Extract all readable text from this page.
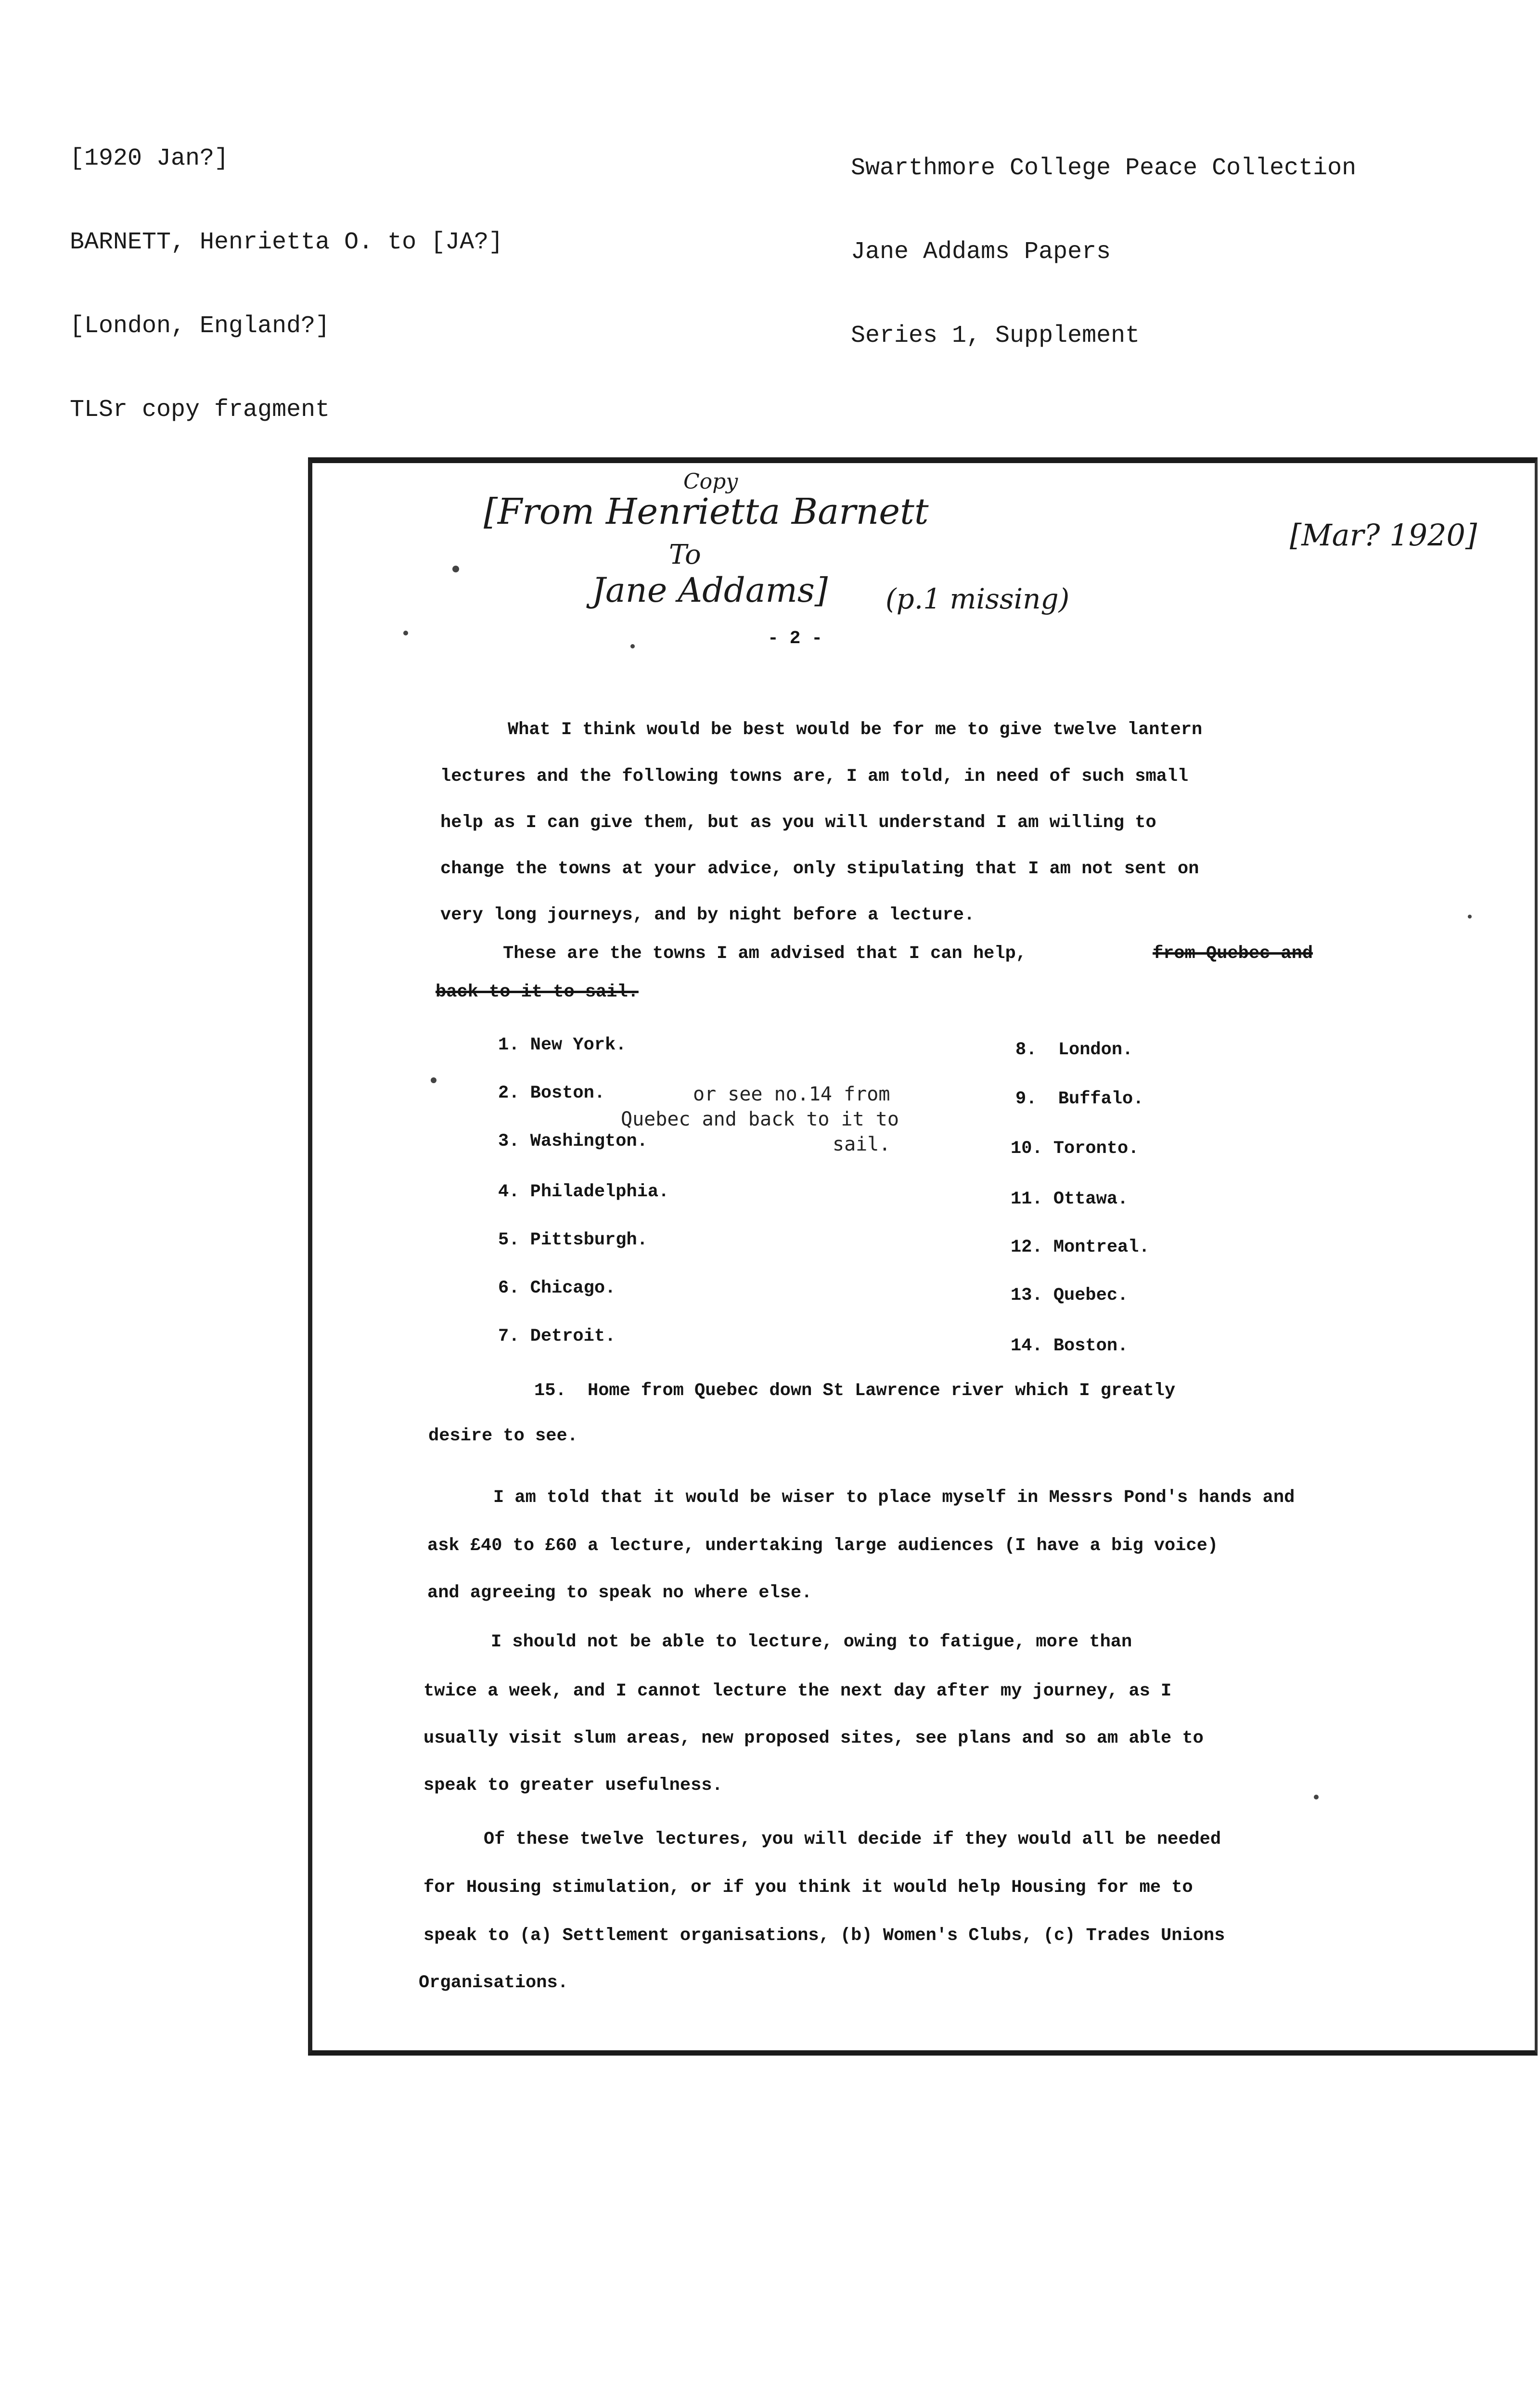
[1920 Jan?]

BARNETT, Henrietta O. to [JA?]

[London, England?]

TLSr copy fragment

Swarthmore College Peace Collection

Jane Addams Papers

Series 1, Supplement

Copy
[From Henrietta Barnett
To
Jane Addams] (p.1 missing)
[Mar? 1920]
- 2 -
What I think would be best would be for me to give twelve lantern
lectures and the following towns are, I am told, in need of such small
help as I can give them, but as you will understand I am willing to
change the towns at your advice, only stipulating that I am not sent on
very long journeys, and by night before a lecture.
These are the towns I am advised that I can help,	from Quebec and
back to it to sail.
1. New York.
2. Boston.
3. Washington.
4. Philadelphia.
5. Pittsburgh.
6. Chicago.
7. Detroit.
or see no.14 from
Quebec and back to it to
sail.
8.  London.
9.  Buffalo.
10. Toronto.
11. Ottawa.
12. Montreal.
13. Quebec.
14. Boston.
15.  Home from Quebec down St Lawrence river which I greatly
desire to see.
I am told that it would be wiser to place myself in Messrs Pond's hands and
ask £40 to £60 a lecture, undertaking large audiences (I have a big voice)
and agreeing to speak no where else.
I should not be able to lecture, owing to fatigue, more than
twice a week, and I cannot lecture the next day after my journey, as I
usually visit slum areas, new proposed sites, see plans and so am able to
speak to greater usefulness.
Of these twelve lectures, you will decide if they would all be needed
for Housing stimulation, or if you think it would help Housing for me to
speak to (a) Settlement organisations, (b) Women's Clubs, (c) Trades Unions
Organisations.
